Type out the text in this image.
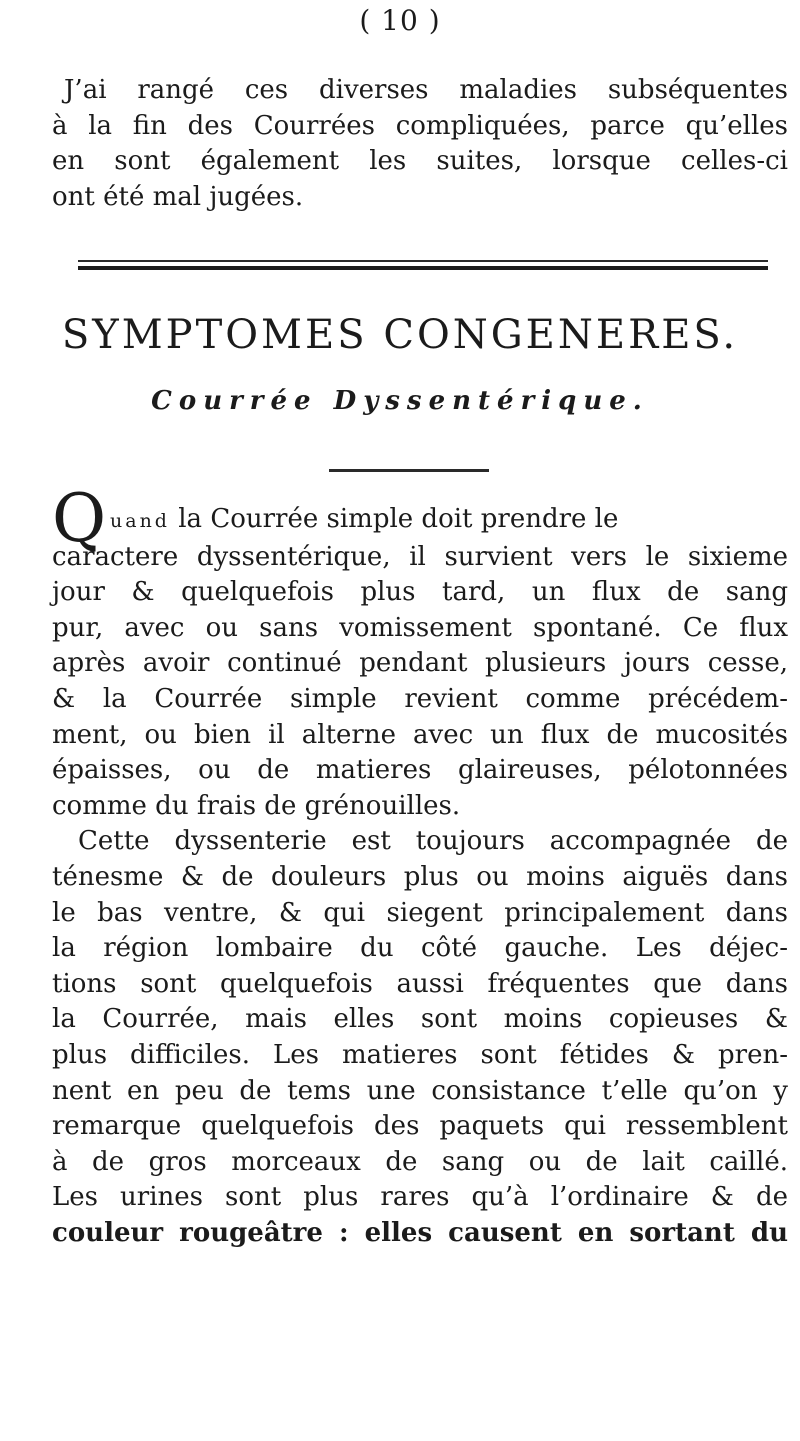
( 10 )
J’ai rangé ces diverses maladies subséquentes
à la fin des Courrées compliquées, parce qu’elles
en sont également les suites, lorsque celles-ci
ont été mal jugées.
SYMPTOMES CONGENERES.
Courrée Dyssentérique.
Q uand la Courrée simple doit prendre le
caractere dyssentérique, il survient vers le sixieme
jour & quelquefois plus tard, un flux de sang
pur, avec ou sans vomissement spontané. Ce flux
après avoir continué pendant plusieurs jours cesse,
& la Courrée simple revient comme précédem-
ment, ou bien il alterne avec un flux de mucosités
épaisses, ou de matieres glaireuses, pélotonnées
comme du frais de grénouilles.
Cette dyssenterie est toujours accompagnée de
ténesme & de douleurs plus ou moins aiguës dans
le bas ventre, & qui siegent principalement dans
la région lombaire du côté gauche. Les déjec-
tions sont quelquefois aussi fréquentes que dans
la Courrée, mais elles sont moins copieuses &
plus difficiles. Les matieres sont fétides & pren-
nent en peu de tems une consistance t’elle qu’on y
remarque quelquefois des paquets qui ressemblent
à de gros morceaux de sang ou de lait caillé.
Les urines sont plus rares qu’à l’ordinaire & de
couleur rougeâtre : elles causent en sortant du
